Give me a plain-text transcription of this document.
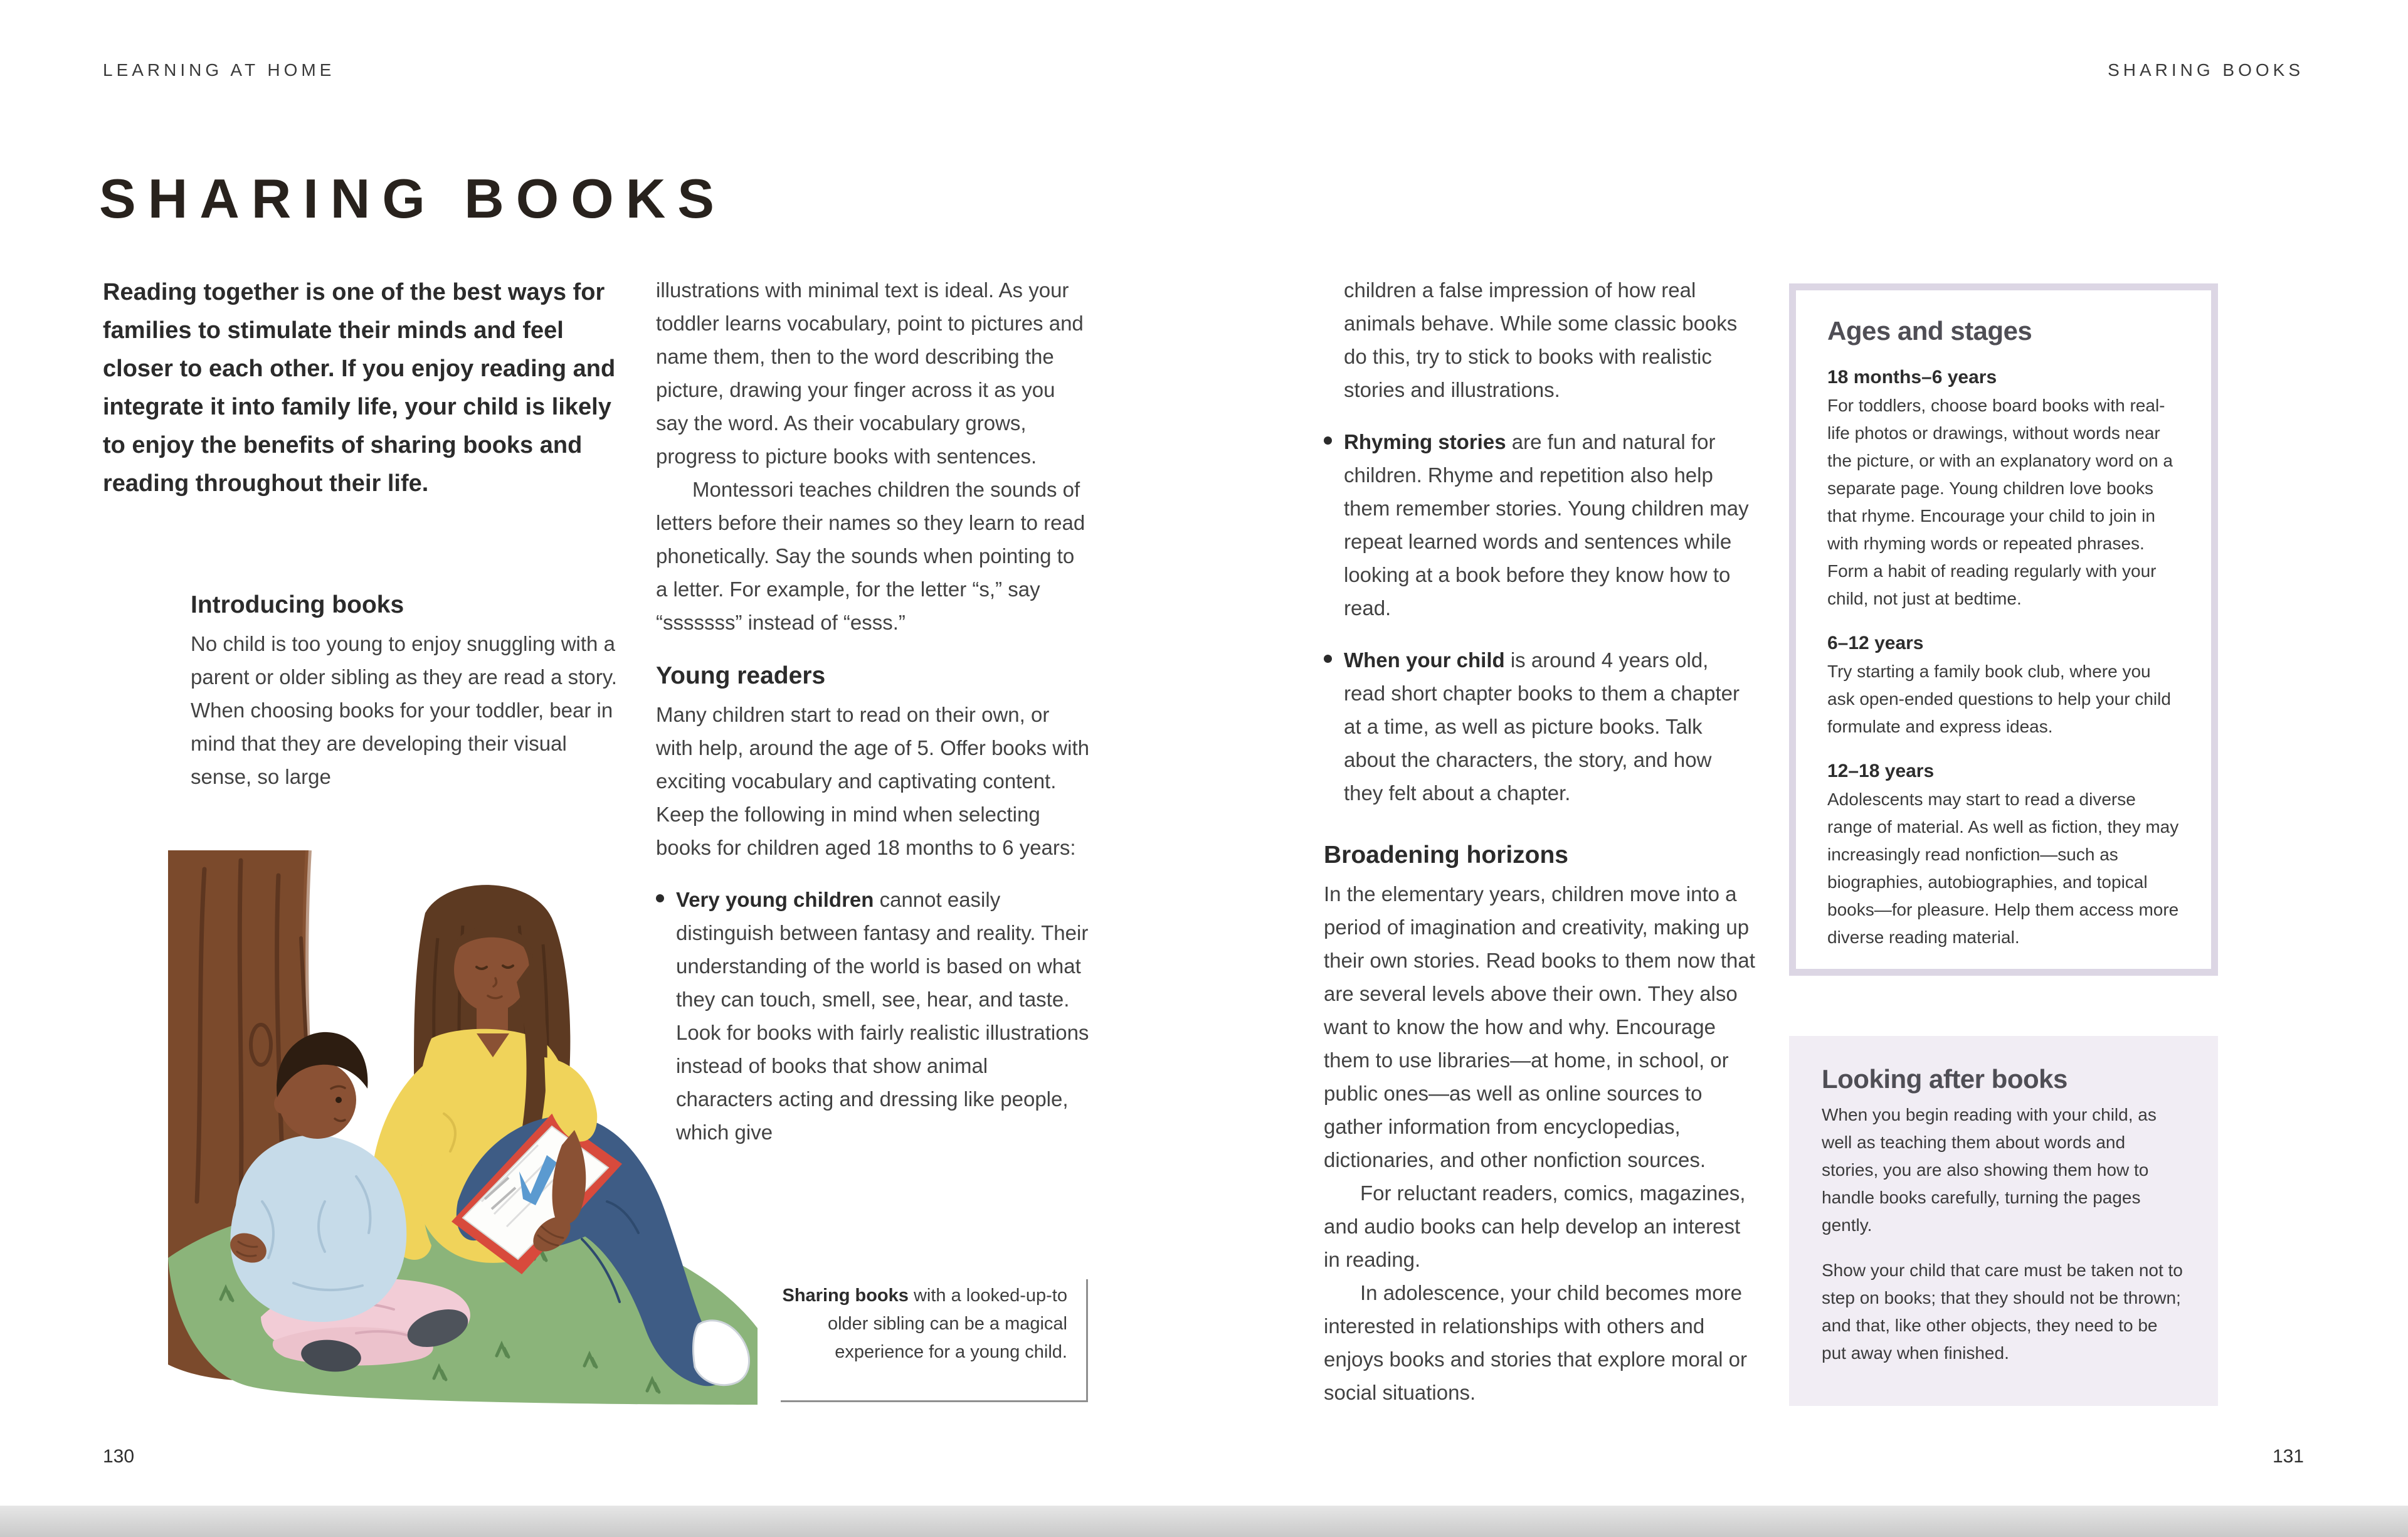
LEARNING AT HOME	SHARING BOOKS
SHARING BOOKS
Reading together is one of the best ways for families to stimulate their minds and feel closer to each other. If you enjoy reading and integrate it into family life, your child is likely to enjoy the benefits of sharing books and reading throughout their life.
Introducing books

No child is too young to enjoy snuggling with a parent or older sibling as they are read a story. When choosing books for your toddler, bear in mind that they are developing their visual sense, so large

illustrations with minimal text is ideal. As your toddler learns vocabulary, point to pictures and name them, then to the word describing the picture, drawing your finger across it as you say the word. As their vocabulary grows, progress to picture books with sentences.

Montessori teaches children the sounds of letters before their names so they learn to read phonetically. Say the sounds when pointing to a letter. For example, for the letter “s,” say “sssssss” instead of “esss.”

Young readers

Many children start to read on their own, or with help, around the age of 5. Offer books with exciting vocabulary and captivating content. Keep the following in mind when selecting books for children aged 18 months to 6 years:

Very young children cannot easily distinguish between fantasy and reality. Their understanding of the world is based on what they can touch, smell, see, hear, and taste. Look for books with fairly realistic illustrations instead of books that show animal characters acting and dressing like people, which give

Sharing books with a looked-up-to older sibling can be a magical experience for a young child.

children a false impression of how real animals behave. While some classic books do this, try to stick to books with realistic stories and illustrations.

Rhyming stories are fun and natural for children. Rhyme and repetition also help them remember stories. Young children may repeat learned words and sentences while looking at a book before they know how to read.

When your child is around 4 years old, read short chapter books to them a chapter at a time, as well as picture books. Talk about the characters, the story, and how they felt about a chapter.

Broadening horizons

In the elementary years, children move into a period of imagination and creativity, making up their own stories. Read books to them now that are several levels above their own. They also want to know the how and why. Encourage them to use libraries—at home, in school, or public ones—as well as online sources to gather information from encyclopedias, dictionaries, and other nonfiction sources.

For reluctant readers, comics, magazines, and audio books can help develop an interest in reading.

In adolescence, your child becomes more interested in relationships with others and enjoys books and stories that explore moral or social situations.

Ages and stages
18 months–6 years

For toddlers, choose board books with real-life photos or drawings, without words near the picture, or with an explanatory word on a separate page. Young children love books that rhyme. Encourage your child to join in with rhyming words or repeated phrases. Form a habit of reading regularly with your child, not just at bedtime.

6–12 years

Try starting a family book club, where you ask open-ended questions to help your child formulate and express ideas.

12–18 years

Adolescents may start to read a diverse range of material. As well as fiction, they may increasingly read nonfiction—such as biographies, autobiographies, and topical books—for pleasure. Help them access more diverse reading material.

Looking after books

When you begin reading with your child, as well as teaching them about words and stories, you are also showing them how to handle books carefully, turning the pages gently.

Show your child that care must be taken not to step on books; that they should not be thrown; and that, like other objects, they need to be put away when finished.

130	131
